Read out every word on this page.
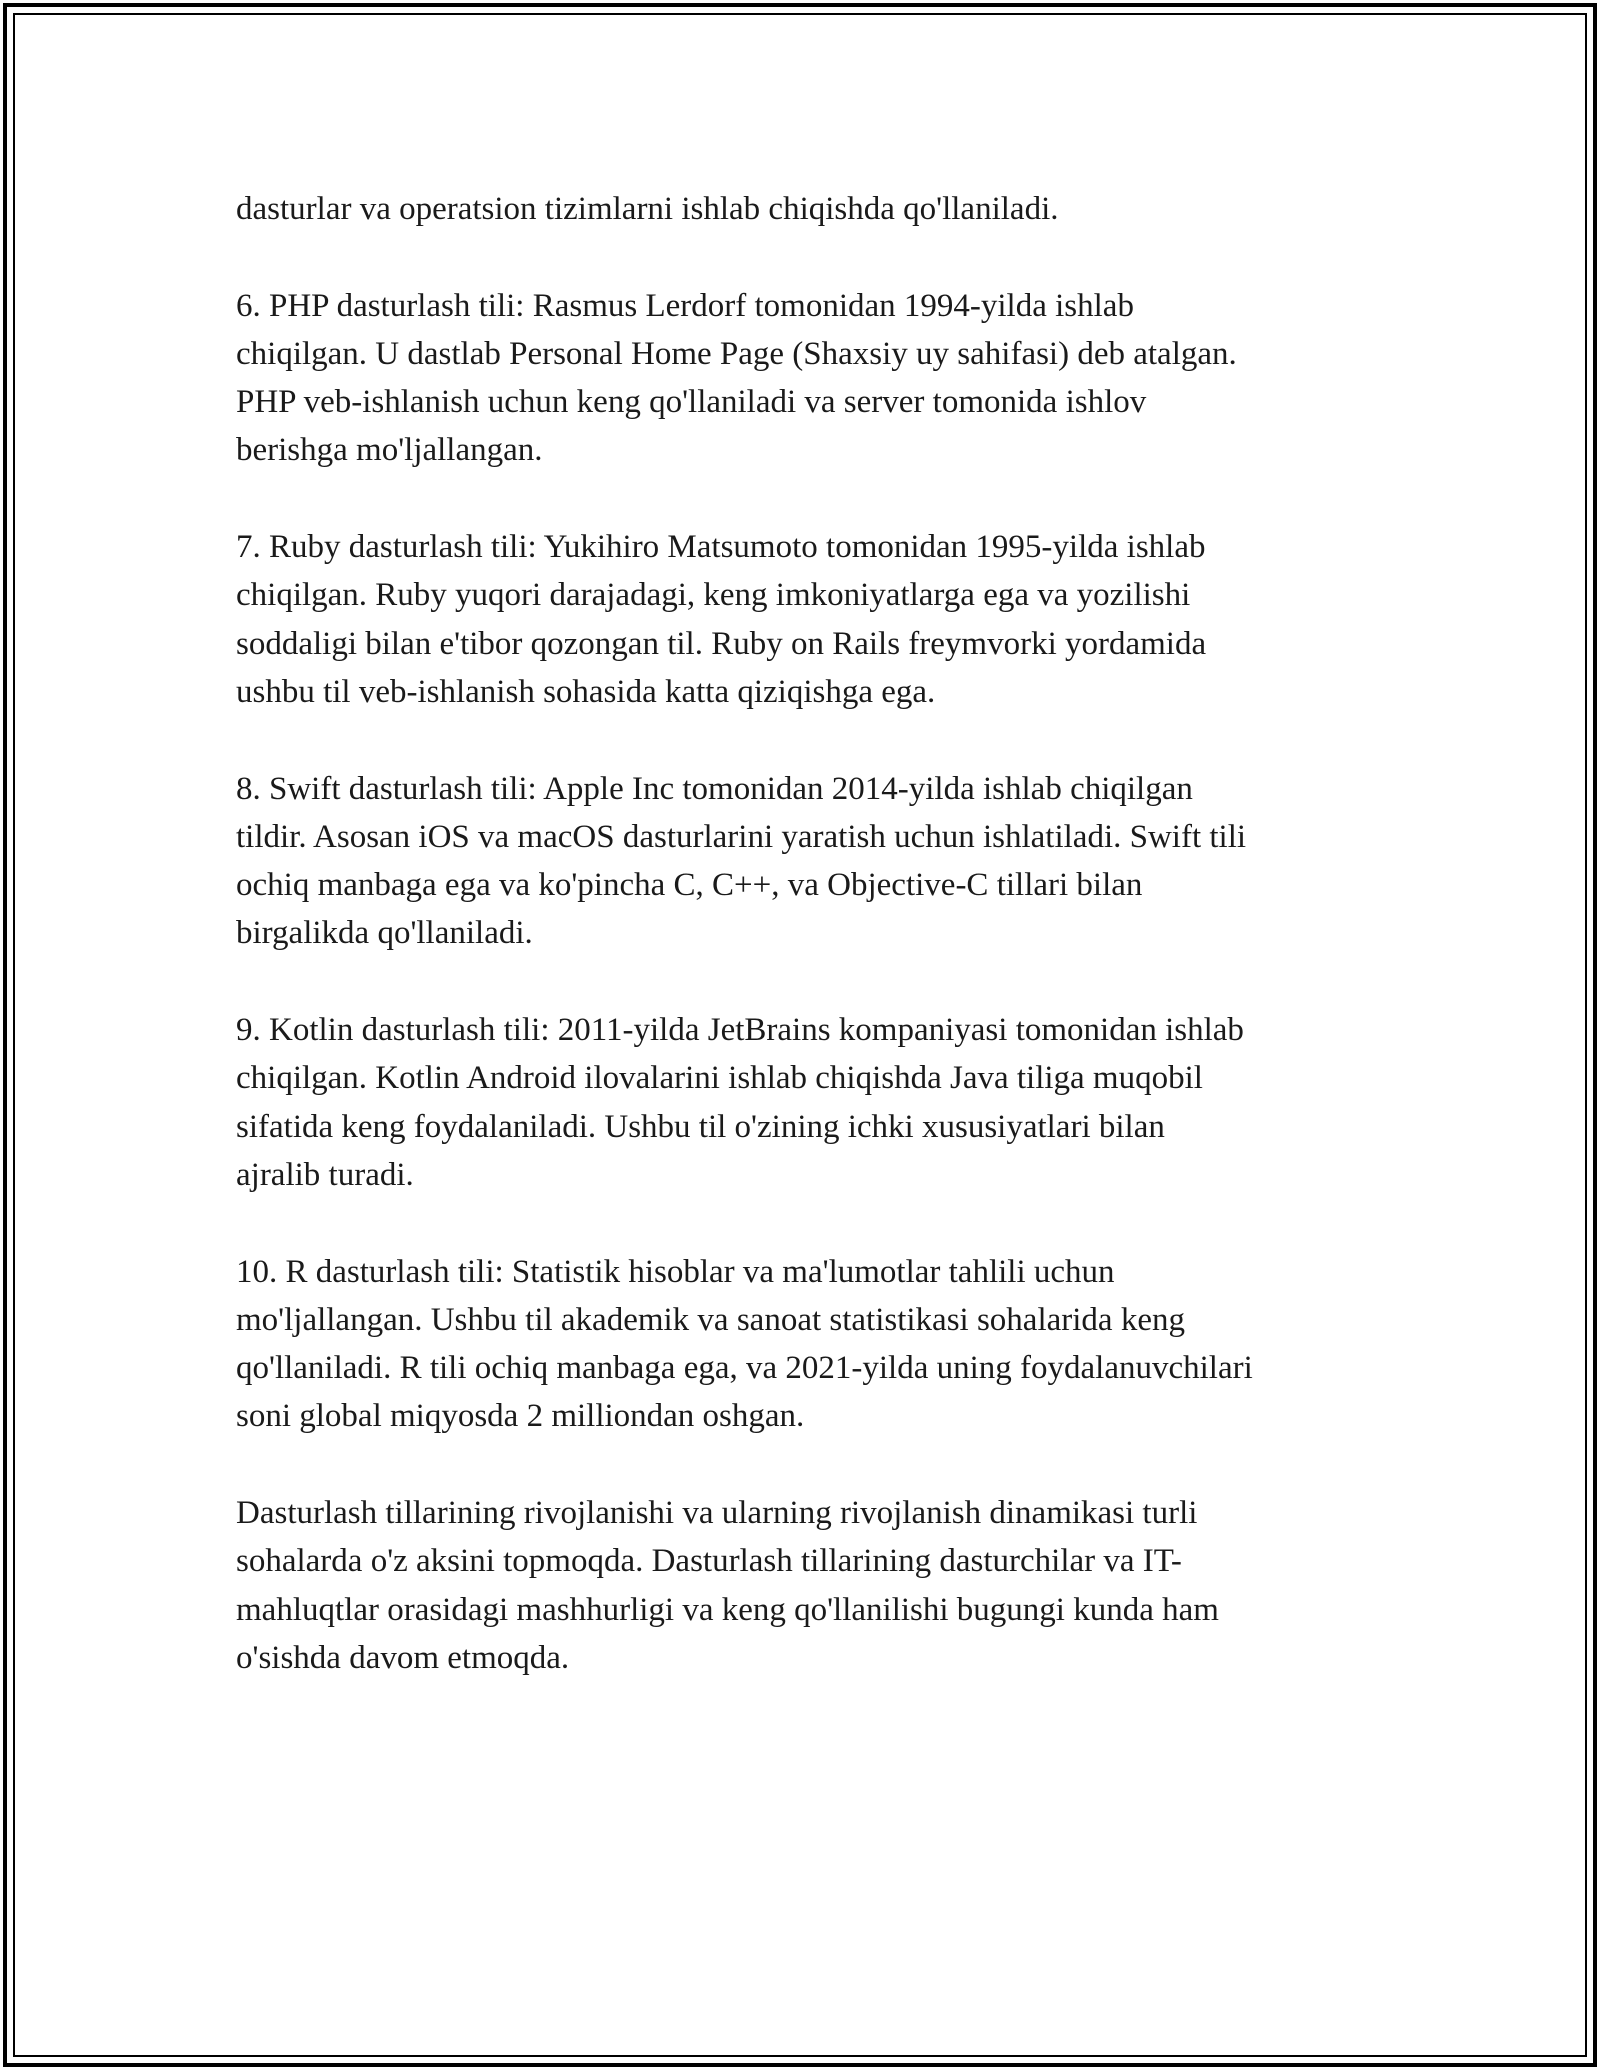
dasturlar va operatsion tizimlarni ishlab chiqishda qo'llaniladi.

6. PHP dasturlash tili: Rasmus Lerdorf tomonidan 1994-yilda ishlab
chiqilgan. U dastlab Personal Home Page (Shaxsiy uy sahifasi) deb atalgan.
PHP veb-ishlanish uchun keng qo'llaniladi va server tomonida ishlov
berishga mo'ljallangan.

7. Ruby dasturlash tili: Yukihiro Matsumoto tomonidan 1995-yilda ishlab
chiqilgan. Ruby yuqori darajadagi, keng imkoniyatlarga ega va yozilishi
soddaligi bilan e'tibor qozongan til. Ruby on Rails freymvorki yordamida
ushbu til veb-ishlanish sohasida katta qiziqishga ega.

8. Swift dasturlash tili: Apple Inc tomonidan 2014-yilda ishlab chiqilgan
tildir. Asosan iOS va macOS dasturlarini yaratish uchun ishlatiladi. Swift tili
ochiq manbaga ega va ko'pincha C, C++, va Objective-C tillari bilan
birgalikda qo'llaniladi.

9. Kotlin dasturlash tili: 2011-yilda JetBrains kompaniyasi tomonidan ishlab
chiqilgan. Kotlin Android ilovalarini ishlab chiqishda Java tiliga muqobil
sifatida keng foydalaniladi. Ushbu til o'zining ichki xususiyatlari bilan
ajralib turadi.

10. R dasturlash tili: Statistik hisoblar va ma'lumotlar tahlili uchun
mo'ljallangan. Ushbu til akademik va sanoat statistikasi sohalarida keng
qo'llaniladi. R tili ochiq manbaga ega, va 2021-yilda uning foydalanuvchilari
soni global miqyosda 2 milliondan oshgan.

Dasturlash tillarining rivojlanishi va ularning rivojlanish dinamikasi turli
sohalarda o'z aksini topmoqda. Dasturlash tillarining dasturchilar va IT-
mahluqtlar orasidagi mashhurligi va keng qo'llanilishi bugungi kunda ham
o'sishda davom etmoqda.
